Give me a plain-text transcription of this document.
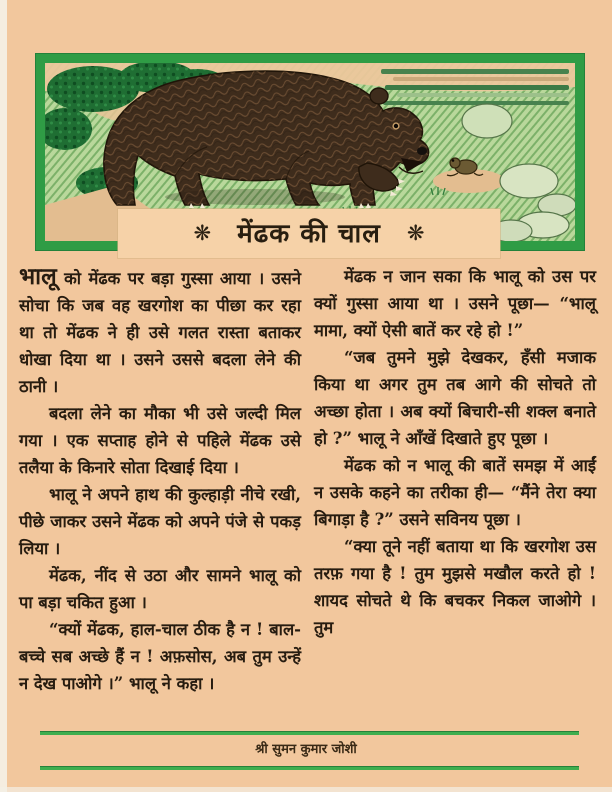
❋ मेंढक की चाल ❋

भालू को मेंढक पर बड़ा गुस्सा आया । उसने सोचा कि जब वह खरगोश का पीछा कर रहा था तो मेंढक ने ही उसे गलत रास्ता बताकर धोखा दिया था । उसने उससे बदला लेने की ठानी ।

बदला लेने का मौका भी उसे जल्दी मिल गया । एक सप्ताह होने से पहिले मेंढक उसे तलैया के किनारे सोता दिखाई दिया ।

भालू ने अपने हाथ की कुल्हाड़ी नीचे रखी, पीछे जाकर उसने मेंढक को अपने पंजे से पकड़ लिया ।

मेंढक, नींद से उठा और सामने भालू को पा बड़ा चकित हुआ ।

“क्यों मेंढक, हाल-चाल ठीक है न ! बाल-बच्चे सब अच्छे हैं न ! अफ़सोस, अब तुम उन्हें न देख पाओगे ।” भालू ने कहा ।

मेंढक न जान सका कि भालू को उस पर क्यों गुस्सा आया था । उसने पूछा— “भालू मामा, क्यों ऐसी बातें कर रहे हो !”

“जब तुमने मुझे देखकर, हँसी मजाक किया था अगर तुम तब आगे की सोचते तो अच्छा होता । अब क्यों बिचारी-सी शक्ल बनाते हो ?” भालू ने आँखें दिखाते हुए पूछा ।

मेंढक को न भालू की बातें समझ में आईं न उसके कहने का तरीका ही— “मैंने तेरा क्या बिगाड़ा है ?” उसने सविनय पूछा ।

“क्या तूने नहीं बताया था कि खरगोश उस तरफ़ गया है ! तुम मुझसे मखौल करते हो ! शायद सोचते थे कि बचकर निकल जाओगे । तुम

श्री सुमन कुमार जोशी
